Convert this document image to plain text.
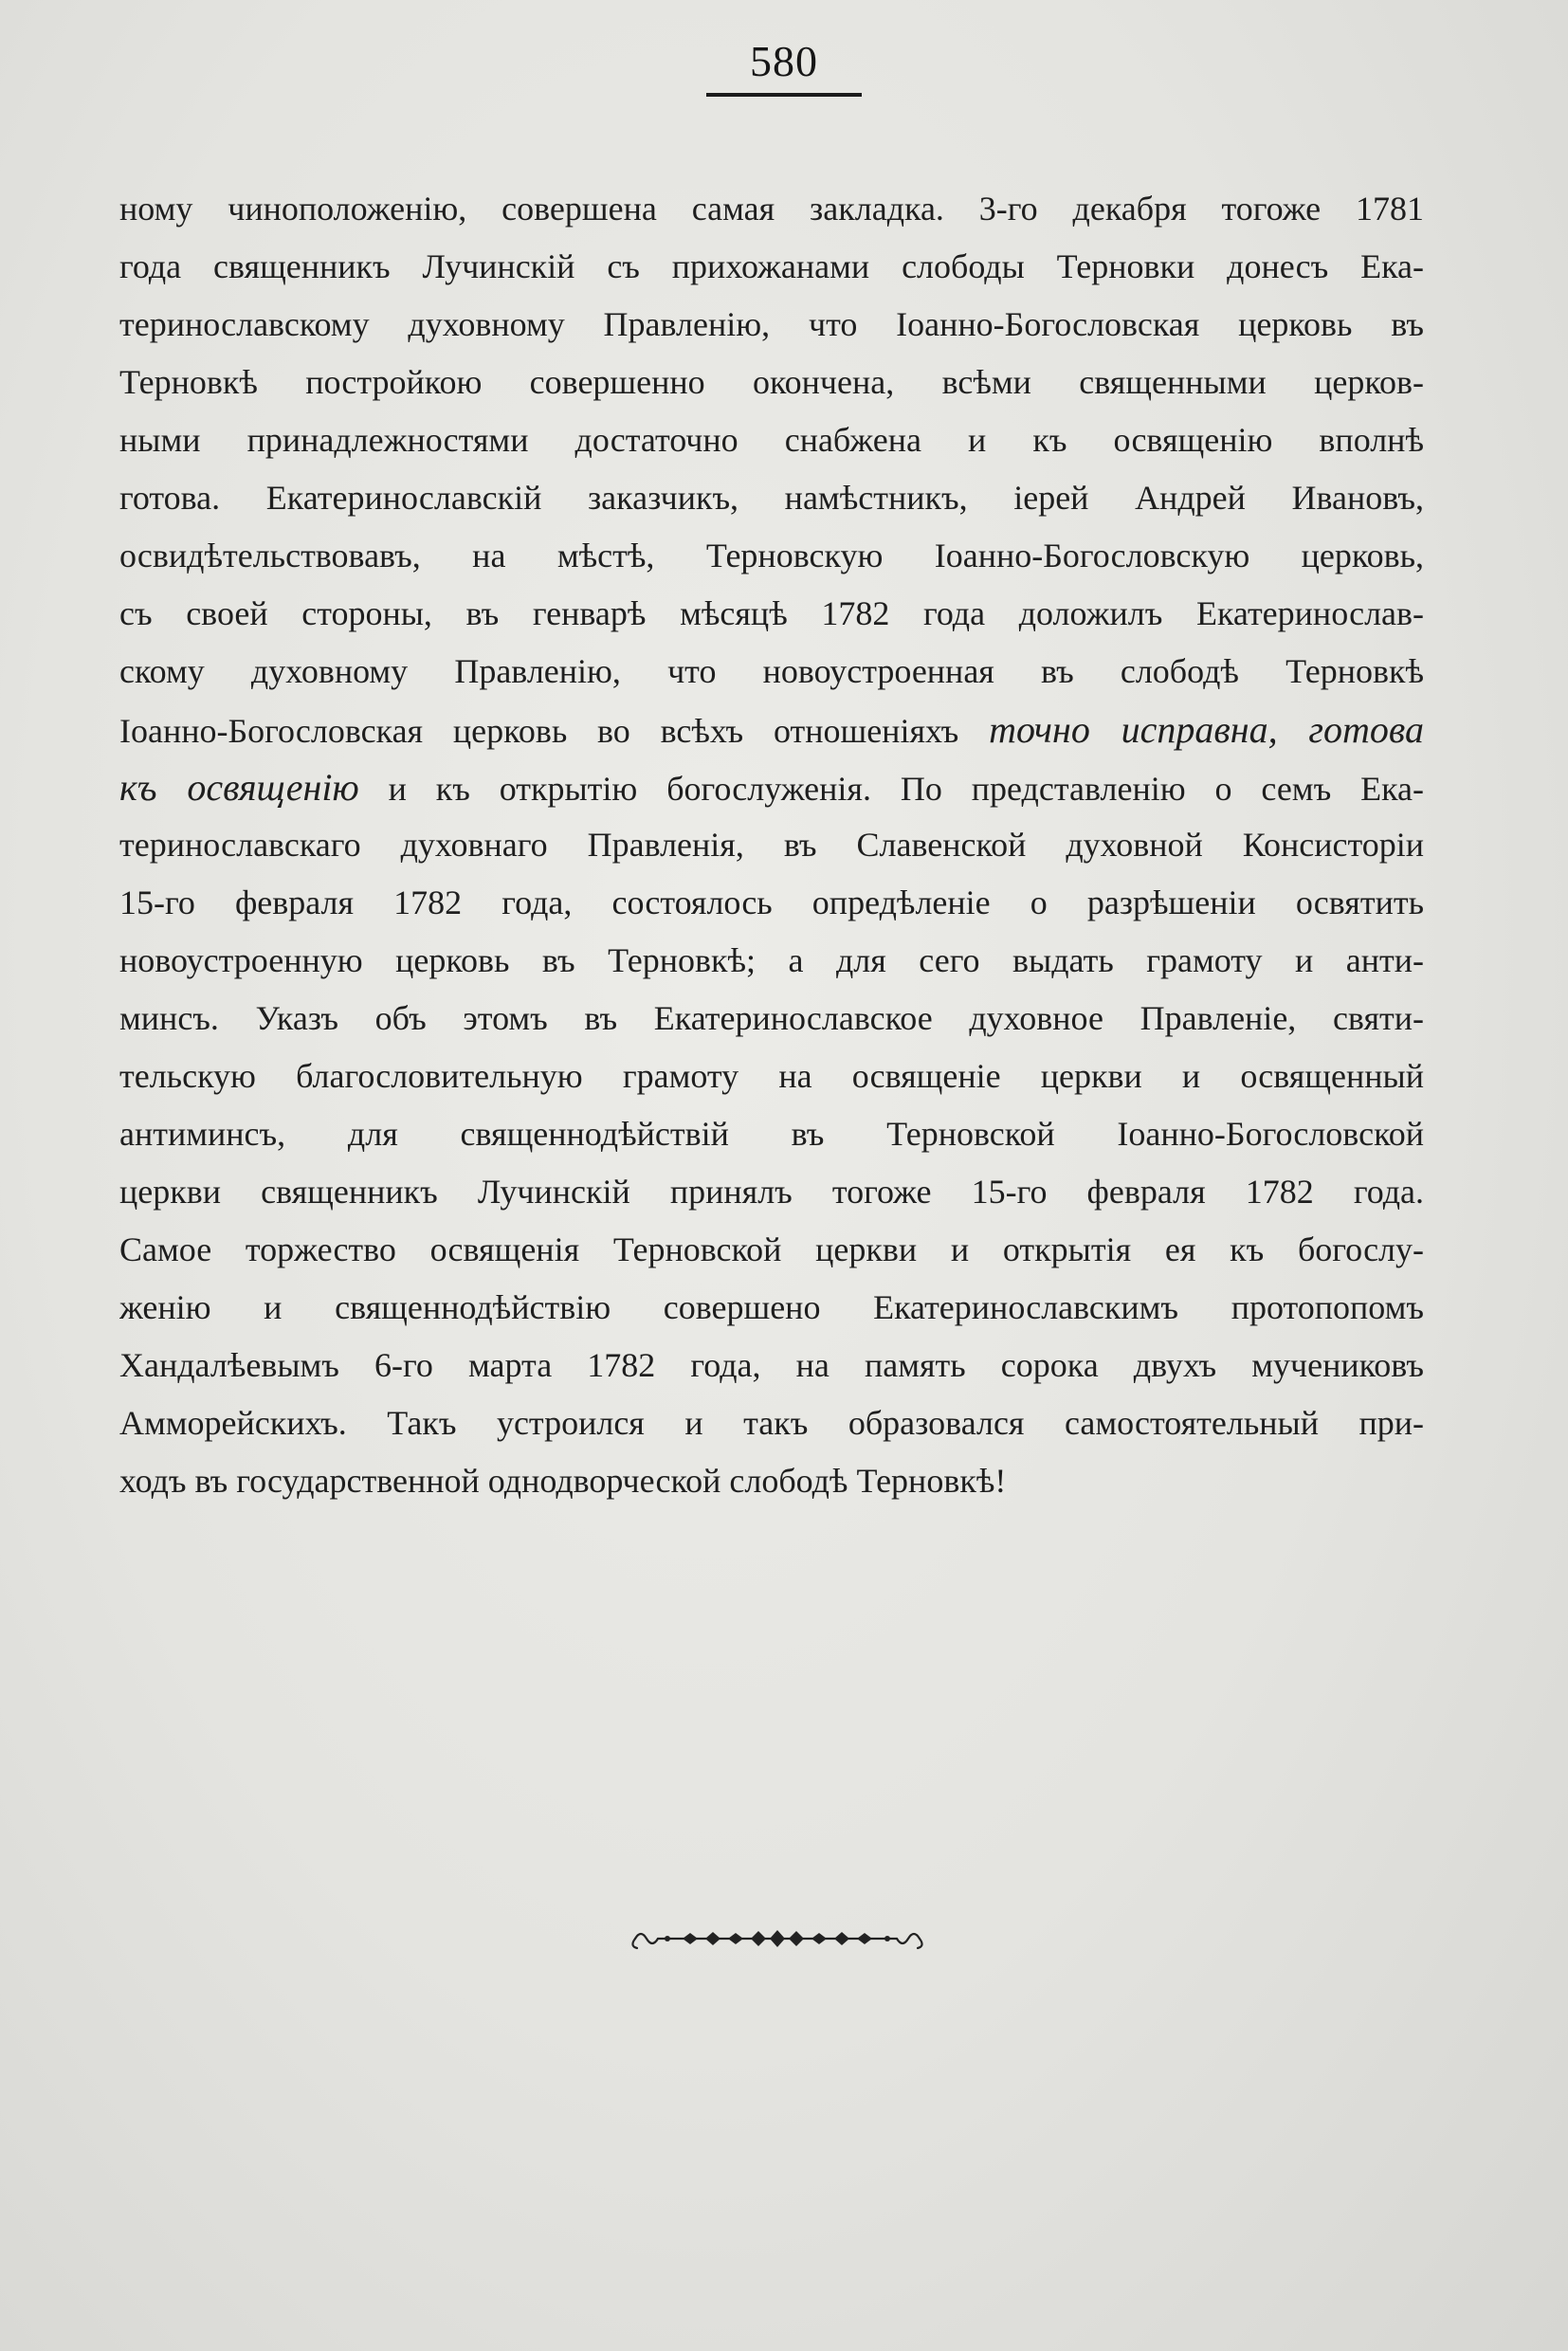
580
ному чиноположенію, совершена самая закладка. 3-го декабря тогоже 1781
года священникъ Лучинскій съ прихожанами слободы Терновки донесъ Ека-
теринославскому духовному Правленію, что Іоанно-Богословская церковь въ
Терновкѣ постройкою совершенно окончена, всѣми священными церков-
ными принадлежностями достаточно снабжена и къ освященію вполнѣ
готова. Екатеринославскій заказчикъ, намѣстникъ, іерей Андрей Ивановъ,
освидѣтельствовавъ, на мѣстѣ, Терновскую Іоанно-Богословскую церковь,
съ своей стороны, въ генварѣ мѣсяцѣ 1782 года доложилъ Екатеринослав-
скому духовному Правленію, что новоустроенная въ слободѣ Терновкѣ
Іоанно-Богословская церковь во всѣхъ отношеніяхъ точно исправна, готова
къ освященію и къ открытію богослуженія. По представленію о семъ Ека-
теринославскаго духовнаго Правленія, въ Славенской духовной Консисторіи
15-го февраля 1782 года, состоялось опредѣленіе о разрѣшеніи освятить
новоустроенную церковь въ Терновкѣ; а для сего выдать грамоту и анти-
минсъ. Указъ объ этомъ въ Екатеринославское духовное Правленіе, святи-
тельскую благословительную грамоту на освященіе церкви и освященный
антиминсъ, для священнодѣйствій въ Терновской Іоанно-Богословской
церкви священникъ Лучинскій принялъ тогоже 15-го февраля 1782 года.
Самое торжество освященія Терновской церкви и открытія ея къ богослу-
женію и священнодѣйствію совершено Екатеринославскимъ протопопомъ
Хандалѣевымъ 6-го марта 1782 года, на память сорока двухъ мучениковъ
Амморейскихъ. Такъ устроился и такъ образовался самостоятельный при-
ходъ въ государственной однодворческой слободѣ Терновкѣ!
